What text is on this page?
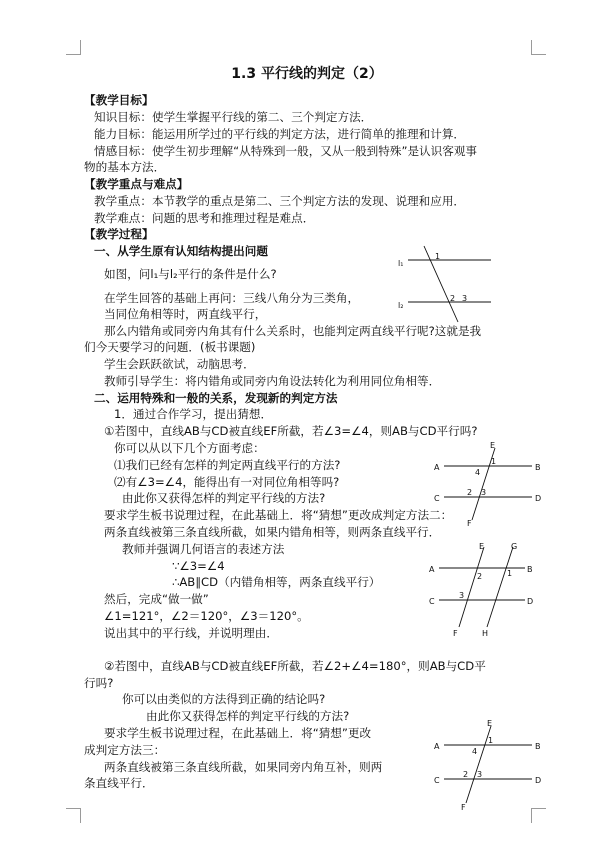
1.3 平行线的判定（2）
【教学目标】
知识目标：使学生掌握平行线的第二、三个判定方法．
能力目标：能运用所学过的平行线的判定方法，进行简单的推理和计算．
情感目标：使学生初步理解“从特殊到一般，又从一般到特殊”是认识客观事
物的基本方法．
【教学重点与难点】
教学重点：本节教学的重点是第二、三个判定方法的发现、说理和应用．
教学难点：问题的思考和推理过程是难点．
【教学过程】
一、从学生原有认知结构提出问题
如图，问l₁与l₂平行的条件是什么?
在学生回答的基础上再问：三线八角分为三类角，
当同位角相等时，两直线平行，
那么内错角或同旁内角其有什么关系时，也能判定两直线平行呢?这就是我
们今天要学习的问题．(板书课题)
学生会跃跃欲试，动脑思考．
教师引导学生：将内错角或同旁内角设法转化为利用同位角相等．
二、运用特殊和一般的关系，发现新的判定方法
1．通过合作学习，提出猜想．
①若图中，直线AB与CD被直线EF所截，若∠3=∠4，则AB与CD平行吗?
你可以从以下几个方面考虑：
⑴我们已经有怎样的判定两直线平行的方法?
⑵有∠3=∠4，能得出有一对同位角相等吗?
由此你又获得怎样的判定平行线的方法?
要求学生板书说理过程，在此基础上．将“猜想”更改成判定方法二：
两条直线被第三条直线所截，如果内错角相等，则两条直线平行．
教师并强调几何语言的表述方法
∵∠3=∠4
∴AB∥CD（内错角相等，两条直线平行）
然后，完成“做一做”
∠1=121°，∠2＝120°，∠3＝120°。
说出其中的平行线，并说明理由．
②若图中，直线AB与CD被直线EF所截，若∠2+∠4=180°，则AB与CD平
行吗?
你可以由类似的方法得到正确的结论吗?
由此你又获得怎样的判定平行线的方法?
要求学生板书说理过程，在此基础上．将“猜想”更改
成判定方法三：
两条直线被第三条直线所截，如果同旁内角互补，则两
条直线平行．
l₁
l₂
1
2 3
E
F
A	B
C	D
4
1
2 3
E	G
A	B
C	D
F	H
1
2
3
E
F
A	B
C	D
4
1
2 3
